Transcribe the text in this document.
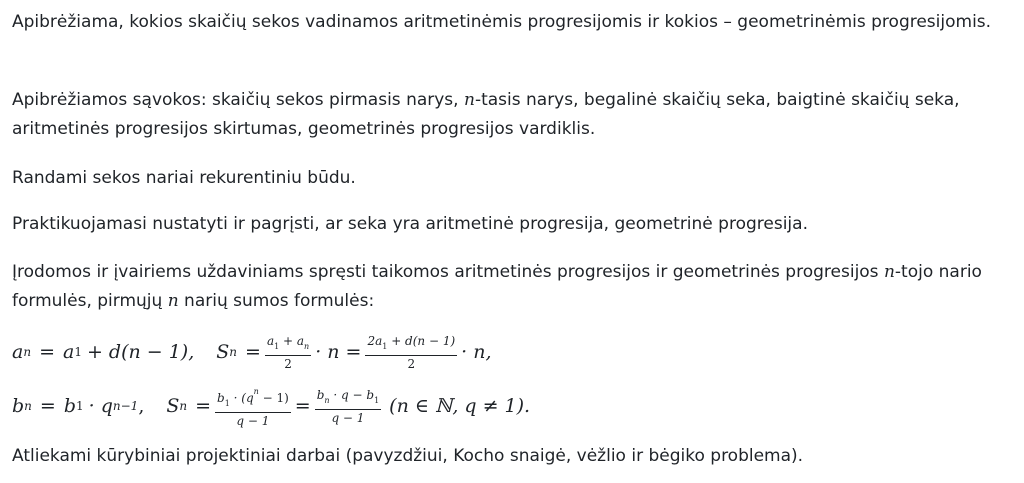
Apibrėžiama, kokios skaičių sekos vadinamos aritmetinėmis progresijomis ir kokios – geometrinėmis progresijomis.

Apibrėžiamos sąvokos: skaičių sekos pirmasis narys, n-tasis narys, begalinė skaičių seka, baigtinė skaičių seka, aritmetinės progresijos skirtumas, geometrinės progresijos vardiklis.

Randami sekos nariai rekurentiniu būdu.

Praktikuojamasi nustatyti ir pagrįsti, ar seka yra aritmetinė progresija, geometrinė progresija.

Įrodomos ir įvairiems uždaviniams spręsti taikomos aritmetinės progresijos ir geometrinės progresijos n-tojo nario formulės, pirmųjų n narių sumos formulės:

a n = a 1 + d(n − 1), S $n = \frac{a_1 + a_n}{2} \cdot n = \frac{2a_1 + d(n - 1)}{2} \cdot n$,
b n = b 1 · q n−1 , S $n = \frac{b_1 \cdot (q^n - 1)}{q - 1} = \frac{b_n \cdot q - b_1}{q - 1} (n$ ∈ ℕ, q ≠ 1).

Atliekami kūrybiniai projektiniai darbai (pavyzdžiui, Kocho snaigė, vėžlio ir bėgiko problema).
